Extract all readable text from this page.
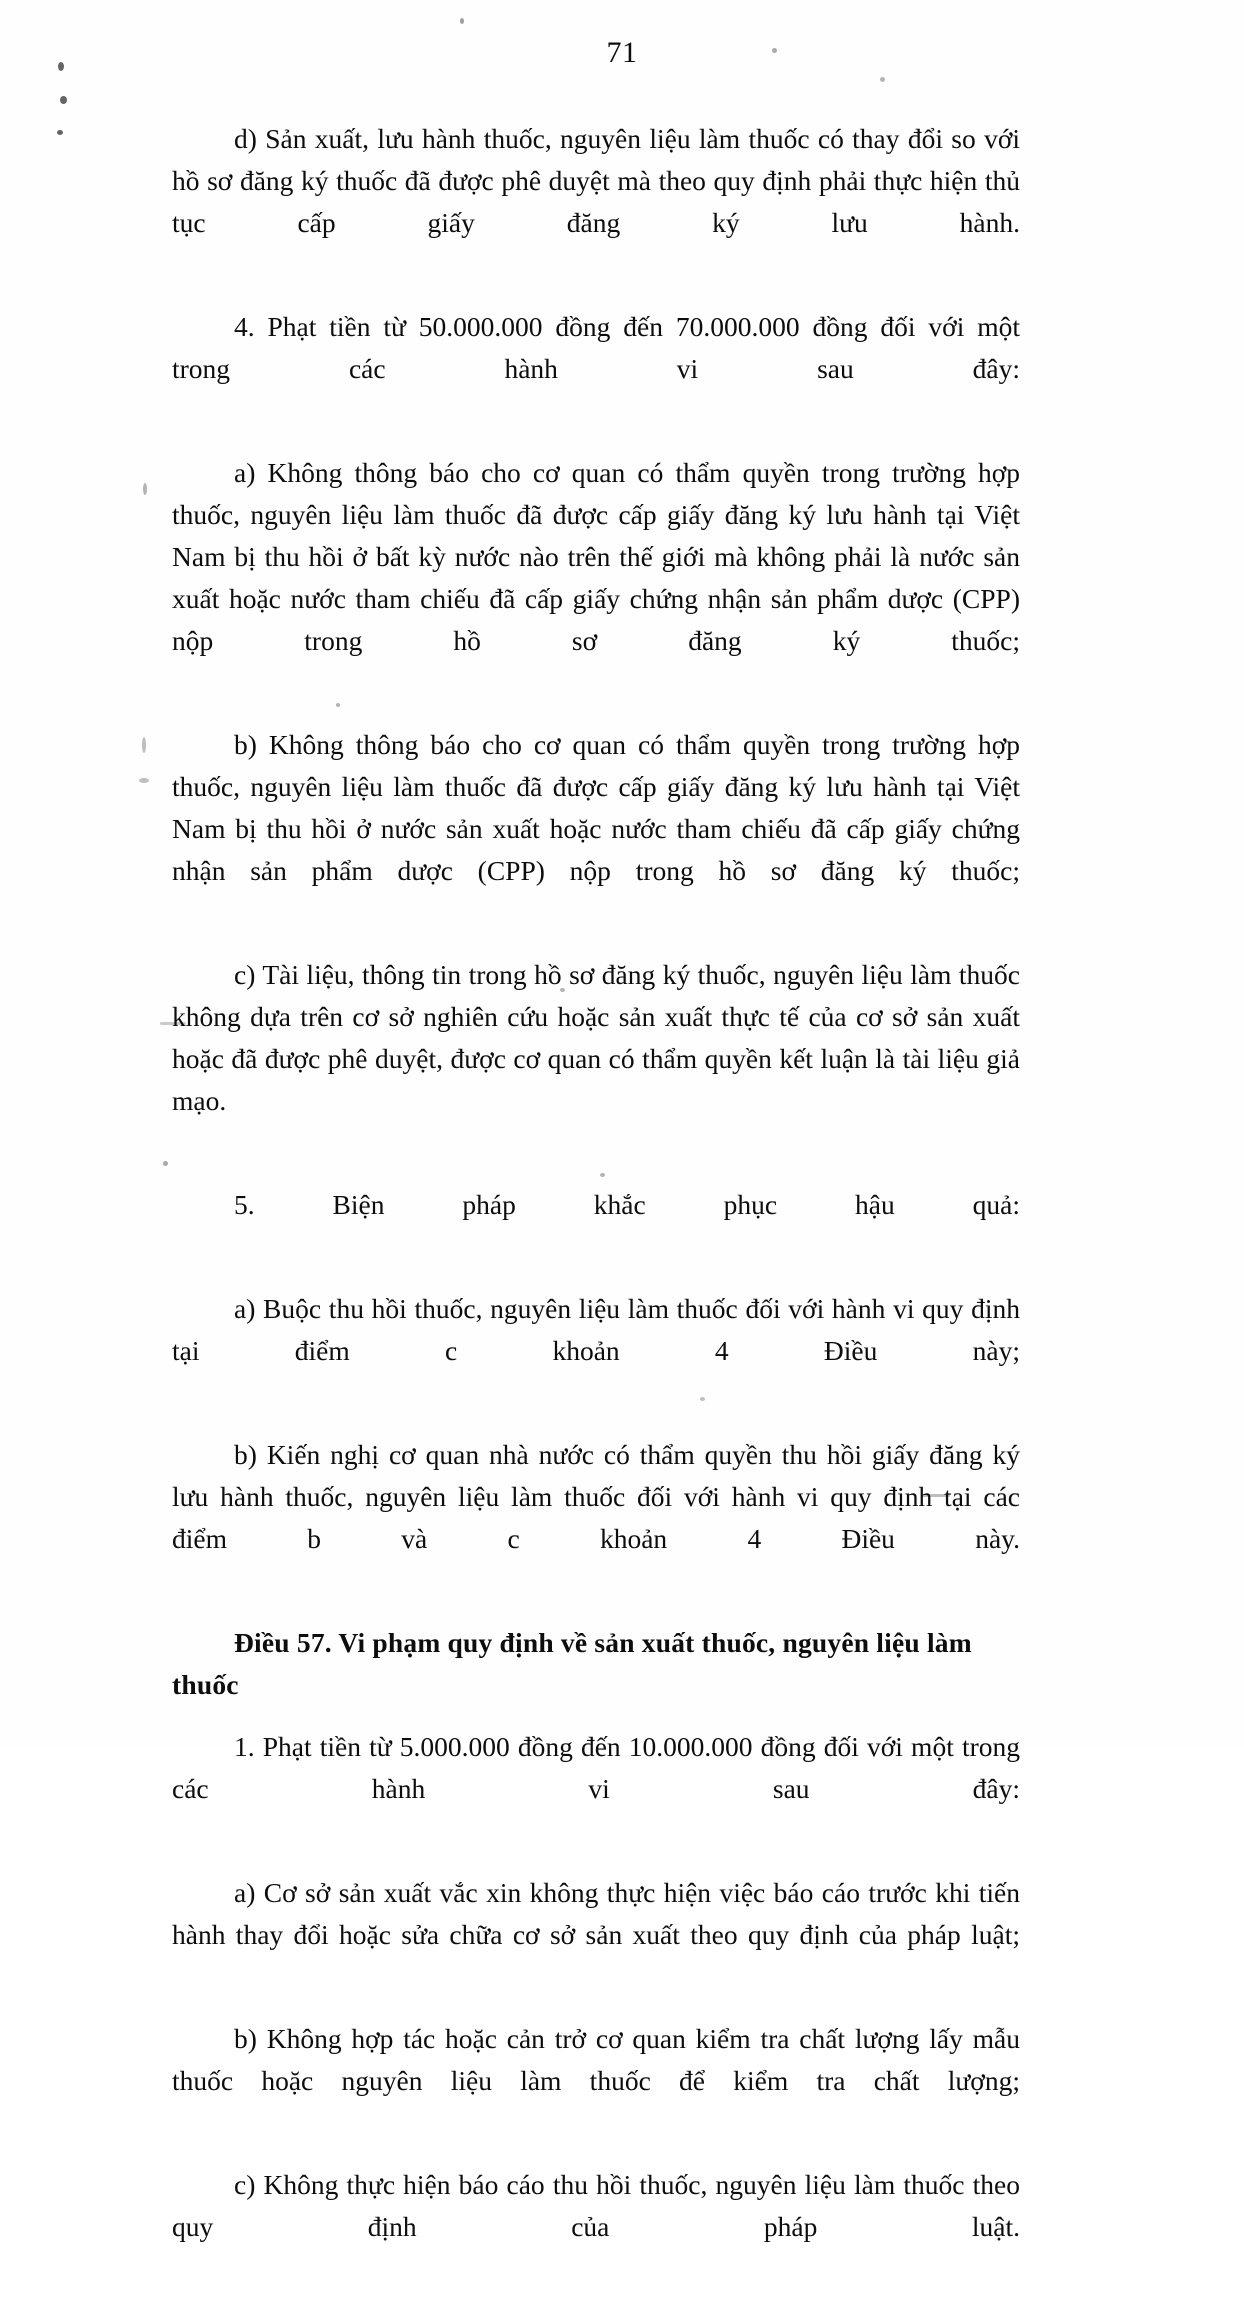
71

d) Sản xuất, lưu hành thuốc, nguyên liệu làm thuốc có thay đổi so với hồ sơ đăng ký thuốc đã được phê duyệt mà theo quy định phải thực hiện thủ tục cấp giấy đăng ký lưu hành.

4. Phạt tiền từ 50.000.000 đồng đến 70.000.000 đồng đối với một trong các hành vi sau đây:

a) Không thông báo cho cơ quan có thẩm quyền trong trường hợp thuốc, nguyên liệu làm thuốc đã được cấp giấy đăng ký lưu hành tại Việt Nam bị thu hồi ở bất kỳ nước nào trên thế giới mà không phải là nước sản xuất hoặc nước tham chiếu đã cấp giấy chứng nhận sản phẩm dược (CPP) nộp trong hồ sơ đăng ký thuốc;

b) Không thông báo cho cơ quan có thẩm quyền trong trường hợp thuốc, nguyên liệu làm thuốc đã được cấp giấy đăng ký lưu hành tại Việt Nam bị thu hồi ở nước sản xuất hoặc nước tham chiếu đã cấp giấy chứng nhận sản phẩm dược (CPP) nộp trong hồ sơ đăng ký thuốc;

c) Tài liệu, thông tin trong hồ sơ đăng ký thuốc, nguyên liệu làm thuốc không dựa trên cơ sở nghiên cứu hoặc sản xuất thực tế của cơ sở sản xuất hoặc đã được phê duyệt, được cơ quan có thẩm quyền kết luận là tài liệu giả mạo.

5. Biện pháp khắc phục hậu quả:

a) Buộc thu hồi thuốc, nguyên liệu làm thuốc đối với hành vi quy định tại điểm c khoản 4 Điều này;

b) Kiến nghị cơ quan nhà nước có thẩm quyền thu hồi giấy đăng ký lưu hành thuốc, nguyên liệu làm thuốc đối với hành vi quy định tại các điểm b và c khoản 4 Điều này.

Điều 57. Vi phạm quy định về sản xuất thuốc, nguyên liệu làm thuốc

1. Phạt tiền từ 5.000.000 đồng đến 10.000.000 đồng đối với một trong các hành vi sau đây:

a) Cơ sở sản xuất vắc xin không thực hiện việc báo cáo trước khi tiến hành thay đổi hoặc sửa chữa cơ sở sản xuất theo quy định của pháp luật;

b) Không hợp tác hoặc cản trở cơ quan kiểm tra chất lượng lấy mẫu thuốc hoặc nguyên liệu làm thuốc để kiểm tra chất lượng;

c) Không thực hiện báo cáo thu hồi thuốc, nguyên liệu làm thuốc theo quy định của pháp luật.
